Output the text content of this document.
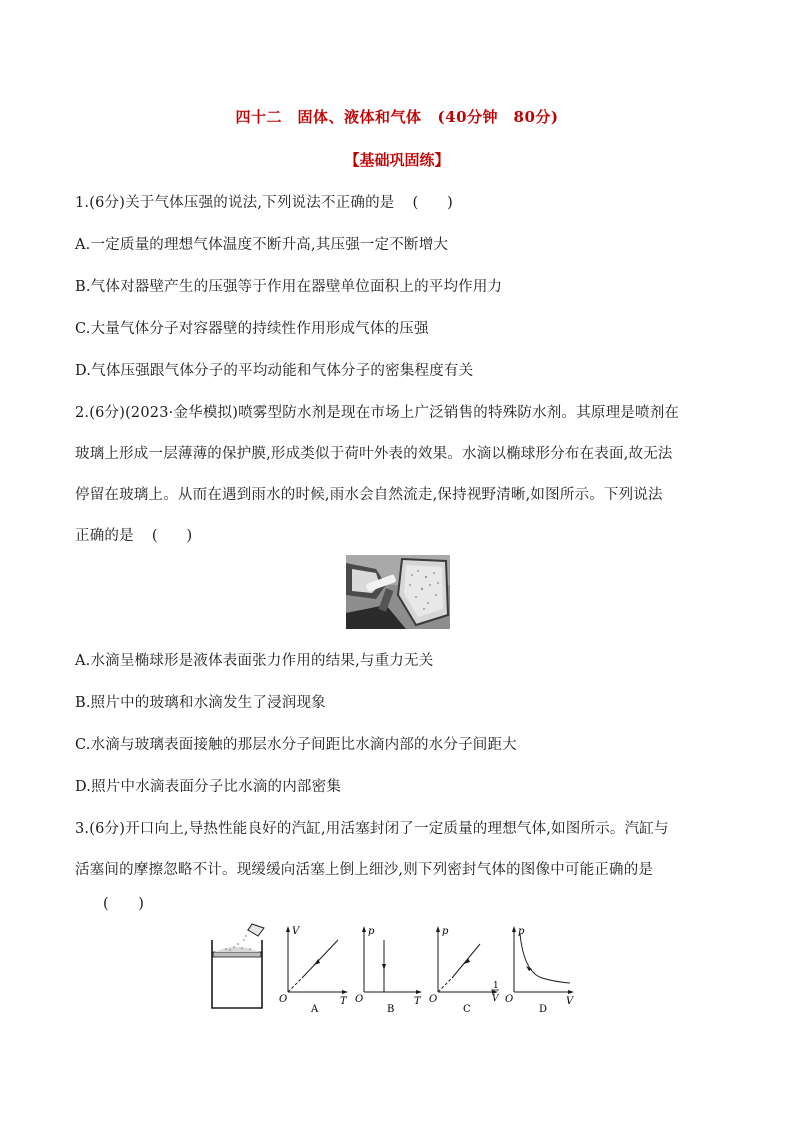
四十二　固体、液体和气体 (40分钟　80分)
【基础巩固练】
1.(6分)关于气体压强的说法,下列说法不正确的是 (　　)
A.一定质量的理想气体温度不断升高,其压强一定不断增大
B.气体对器壁产生的压强等于作用在器壁单位面积上的平均作用力
C.大量气体分子对容器壁的持续性作用形成气体的压强
D.气体压强跟气体分子的平均动能和气体分子的密集程度有关
2.(6分)(2023·金华模拟)喷雾型防水剂是现在市场上广泛销售的特殊防水剂。其原理是喷剂在
玻璃上形成一层薄薄的保护膜,形成类似于荷叶外表的效果。水滴以椭球形分布在表面,故无法
停留在玻璃上。从而在遇到雨水的时候,雨水会自然流走,保持视野清晰,如图所示。下列说法
正确的是 (　　)
A.水滴呈椭球形是液体表面张力作用的结果,与重力无关
B.照片中的玻璃和水滴发生了浸润现象
C.水滴与玻璃表面接触的那层水分子间距比水滴内部的水分子间距大
D.照片中水滴表面分子比水滴的内部密集
3.(6分)开口向上,导热性能良好的汽缸,用活塞封闭了一定质量的理想气体,如图所示。汽缸与
活塞间的摩擦忽略不计。现缓缓向活塞上倒上细沙,则下列密封气体的图像中可能正确的是
(　　)
V
T
O
A
p
T
O
B
p
1
V
O
C
p
V
O
D
